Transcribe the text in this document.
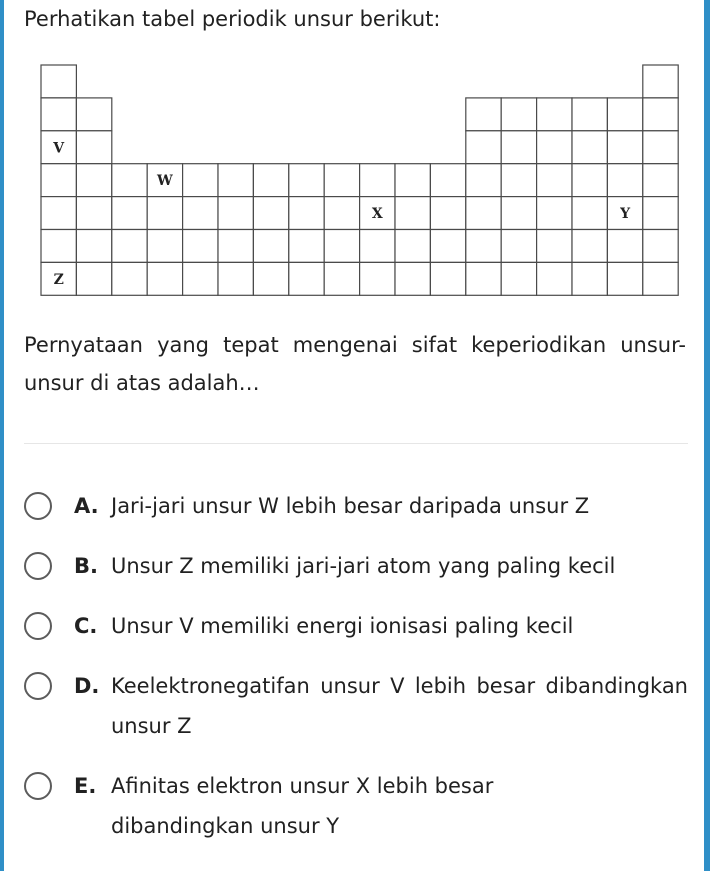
Perhatikan tabel periodik unsur berikut:
V
W
X	Y
Z

Pernyataan yang tepat mengenai sifat keperiodikan unsur-unsur di atas adalah…

A. Jari-jari unsur W lebih besar daripada unsur Z
B. Unsur Z memiliki jari-jari atom yang paling kecil
C. Unsur V memiliki energi ionisasi paling kecil
D. Keelektronegatifan unsur V lebih besar dibandingkan unsur Z
E. Afinitas elektron unsur X lebih besar dibandingkan unsur Y
